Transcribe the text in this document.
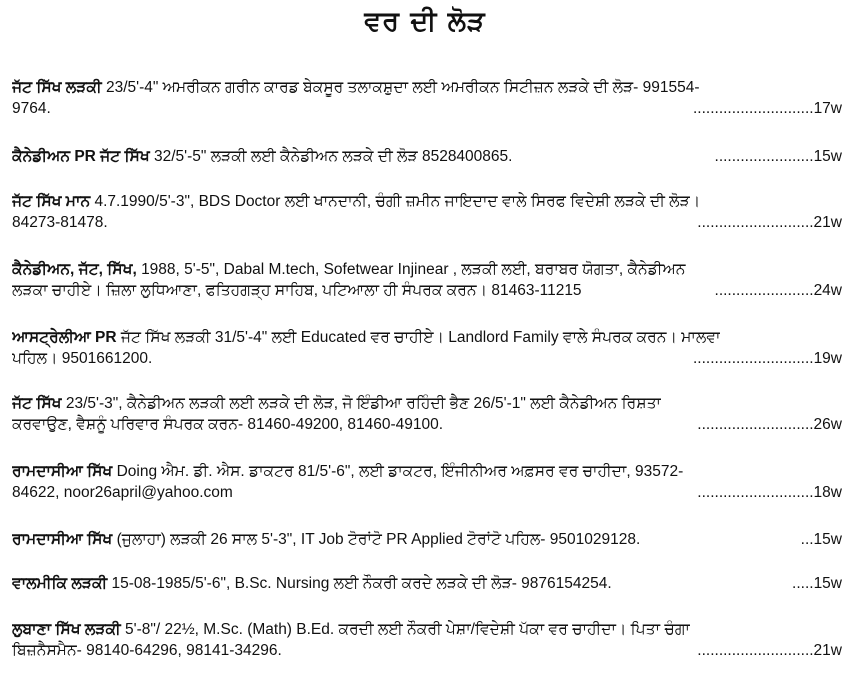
ਵਰ ਦੀ ਲੋੜ
ਜੱਟ ਸਿੱਖ ਲੜਕੀ 23/5'-4" ਅਮਰੀਕਨ ਗਰੀਨ ਕਾਰਡ ਬੇਕਸੂਰ ਤਲਾਕਸ਼ੁਦਾ ਲਈ ਅਮਰੀਕਨ ਸਿਟੀਜ਼ਨ ਲੜਕੇ ਦੀ ਲੋੜ- 991554-
9764.	............................17w
ਕੈਨੇਡੀਅਨ PR ਜੱਟ ਸਿੱਖ 32/5'-5" ਲੜਕੀ ਲਈ ਕੈਨੇਡੀਅਨ ਲੜਕੇ ਦੀ ਲੋੜ 8528400865.	.......................15w
ਜੱਟ ਸਿੱਖ ਮਾਨ 4.7.1990/5'-3", BDS Doctor ਲਈ ਖਾਨਦਾਨੀ, ਚੰਗੀ ਜ਼ਮੀਨ ਜਾਇਦਾਦ ਵਾਲੇ ਸਿਰਫ ਵਿਦੇਸ਼ੀ ਲੜਕੇ ਦੀ ਲੋੜ।
84273-81478.	...........................21w
ਕੈਨੇਡੀਅਨ, ਜੱਟ, ਸਿੱਖ, 1988, 5'-5", Dabal M.tech, Sofetwear Injinear , ਲੜਕੀ ਲਈ, ਬਰਾਬਰ ਯੋਗਤਾ, ਕੈਨੇਡੀਅਨ
ਲੜਕਾ ਚਾਹੀਏ। ਜ਼ਿਲਾ ਲੁਧਿਆਣਾ, ਫਤਿਹਗੜ੍ਹ ਸਾਹਿਬ, ਪਟਿਆਲਾ ਹੀ ਸੰਪਰਕ ਕਰਨ। 81463-11215	.......................24w
ਆਸਟ੍ਰੇਲੀਆ PR ਜੱਟ ਸਿੱਖ ਲੜਕੀ 31/5'-4" ਲਈ Educated ਵਰ ਚਾਹੀਏ। Landlord Family ਵਾਲੇ ਸੰਪਰਕ ਕਰਨ। ਮਾਲਵਾ
ਪਹਿਲ। 9501661200.	............................19w
ਜੱਟ ਸਿੱਖ 23/5'-3", ਕੈਨੇਡੀਅਨ ਲੜਕੀ ਲਈ ਲੜਕੇ ਦੀ ਲੋੜ, ਜੋ ਇੰਡੀਆ ਰਹਿੰਦੀ ਭੈਣ 26/5'-1" ਲਈ ਕੈਨੇਡੀਅਨ ਰਿਸ਼ਤਾ
ਕਰਵਾਉਣ, ਵੈਸ਼ਨੂੰ ਪਰਿਵਾਰ ਸੰਪਰਕ ਕਰਨ- 81460-49200, 81460-49100.	...........................26w
ਰਾਮਦਾਸੀਆ ਸਿੱਖ Doing ਐਮ. ਡੀ. ਐਸ. ਡਾਕਟਰ 81/5'-6", ਲਈ ਡਾਕਟਰ, ਇੰਜੀਨੀਅਰ ਅਫ਼ਸਰ ਵਰ ਚਾਹੀਦਾ, 93572-
84622, noor26april@yahoo.com	...........................18w
ਰਾਮਦਾਸੀਆ ਸਿੱਖ (ਜੁਲਾਹਾ) ਲੜਕੀ 26 ਸਾਲ 5'-3", IT Job ਟੋਰਾਂਟੋ PR Applied ਟੋਰਾਂਟੋ ਪਹਿਲ- 9501029128.	...15w
ਵਾਲਮੀਕਿ ਲੜਕੀ 15-08-1985/5'-6", B.Sc. Nursing ਲਈ ਨੌਕਰੀ ਕਰਦੇ ਲੜਕੇ ਦੀ ਲੋੜ- 9876154254.	.....15w
ਲੁਬਾਣਾ ਸਿੱਖ ਲੜਕੀ 5'-8"/ 22½, M.Sc. (Math) B.Ed. ਕਰਦੀ ਲਈ ਨੌਕਰੀ ਪੇਸ਼ਾ/ਵਿਦੇਸ਼ੀ ਪੱਕਾ ਵਰ ਚਾਹੀਦਾ। ਪਿਤਾ ਚੰਗਾ
ਬਿਜ਼ਨੈਸਮੈਨ- 98140-64296, 98141-34296.	...........................21w
